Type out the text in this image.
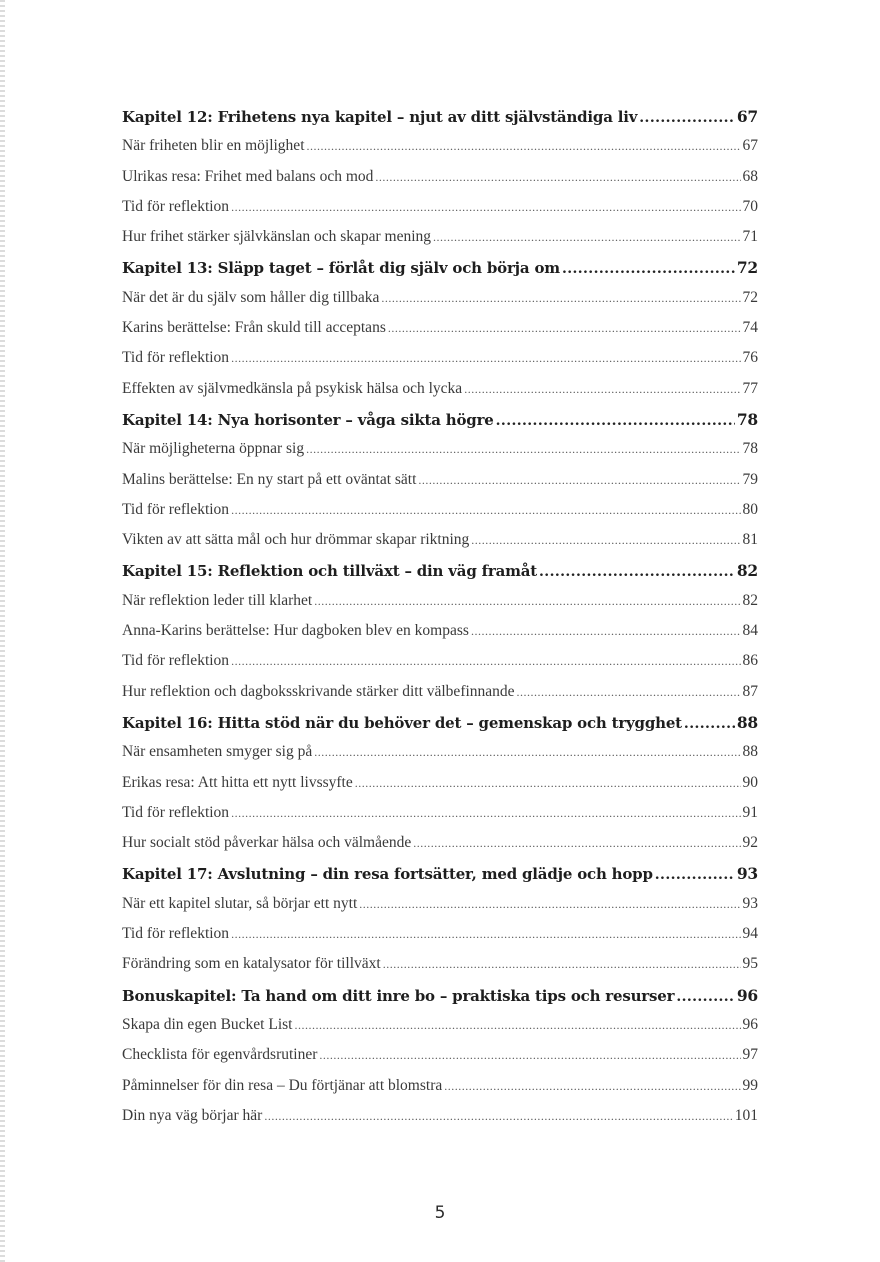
Kapitel 12: Frihetens nya kapitel – njut av ditt självständiga liv .....	67
När friheten blir en möjlighet .....	67
Ulrikas resa: Frihet med balans och mod .....	68
Tid för reflektion .....	70
Hur frihet stärker självkänslan och skapar mening .....	71
Kapitel 13: Släpp taget – förlåt dig själv och börja om .....	72
När det är du själv som håller dig tillbaka .....	72
Karins berättelse: Från skuld till acceptans .....	74
Tid för reflektion .....	76
Effekten av självmedkänsla på psykisk hälsa och lycka .....	77
Kapitel 14: Nya horisonter – våga sikta högre .....	78
När möjligheterna öppnar sig .....	78
Malins berättelse: En ny start på ett oväntat sätt .....	79
Tid för reflektion .....	80
Vikten av att sätta mål och hur drömmar skapar riktning .....	81
Kapitel 15: Reflektion och tillväxt – din väg framåt .....	82
När reflektion leder till klarhet .....	82
Anna-Karins berättelse: Hur dagboken blev en kompass .....	84
Tid för reflektion .....	86
Hur reflektion och dagboksskrivande stärker ditt välbefinnande .....	87
Kapitel 16: Hitta stöd när du behöver det – gemenskap och trygghet .....	88
När ensamheten smyger sig på .....	88
Erikas resa: Att hitta ett nytt livssyfte .....	90
Tid för reflektion .....	91
Hur socialt stöd påverkar hälsa och välmående .....	92
Kapitel 17: Avslutning – din resa fortsätter, med glädje och hopp .....	93
När ett kapitel slutar, så börjar ett nytt .....	93
Tid för reflektion .....	94
Förändring som en katalysator för tillväxt .....	95
Bonuskapitel: Ta hand om ditt inre bo – praktiska tips och resurser .....	96
Skapa din egen Bucket List .....	96
Checklista för egenvårdsrutiner .....	97
Påminnelser för din resa – Du förtjänar att blomstra .....	99
Din nya väg börjar här .....	101
5
